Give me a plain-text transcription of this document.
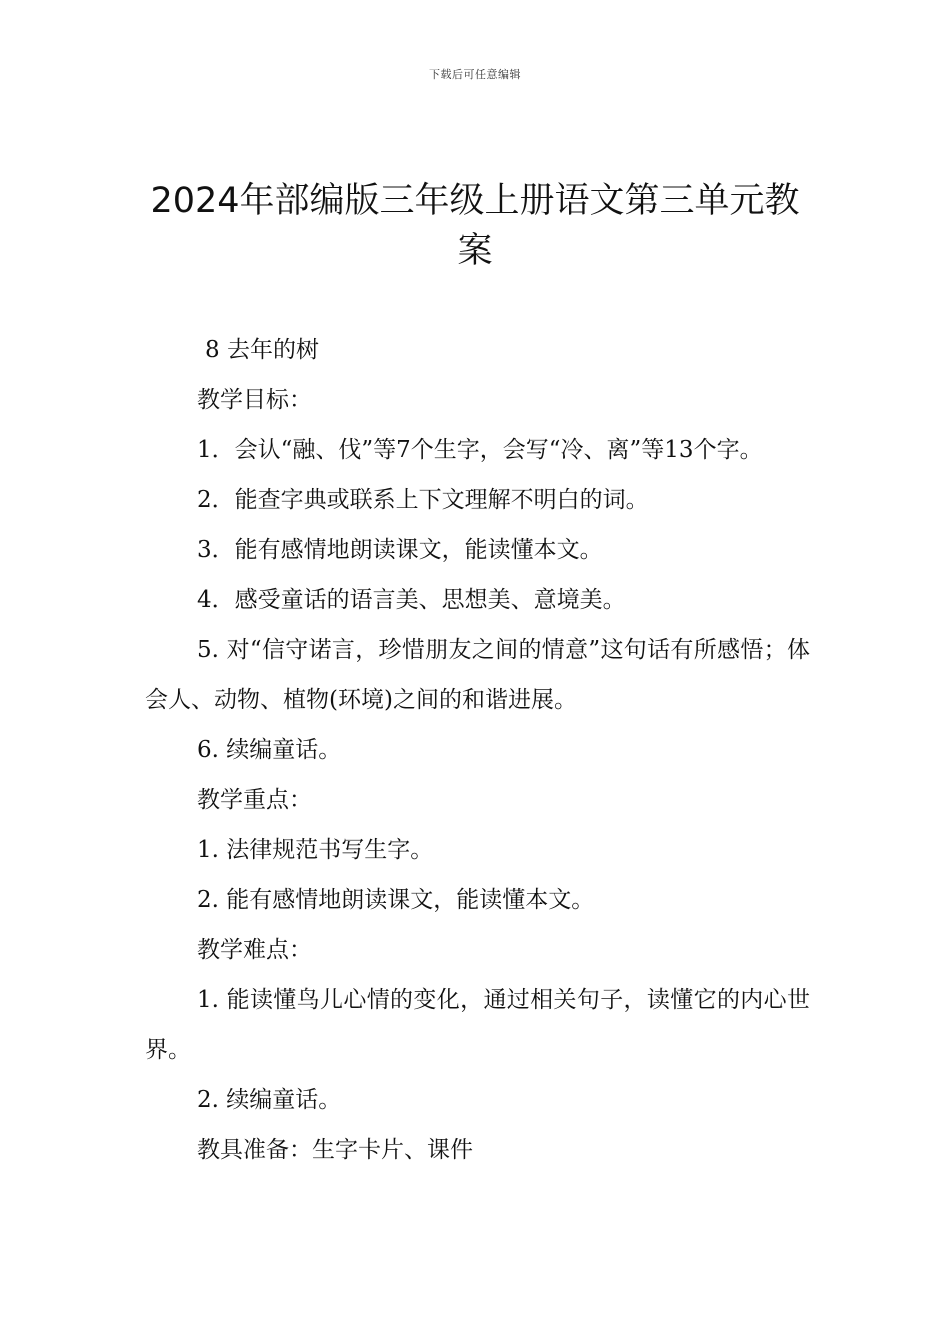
下载后可任意编辑
2024年部编版三年级上册语文第三单元教案

8 去年的树

教学目标：

1．会认“融、伐”等7个生字，会写“冷、离”等13个字。

2．能查字典或联系上下文理解不明白的词。

3．能有感情地朗读课文，能读懂本文。

4．感受童话的语言美、思想美、意境美。

5. 对“信守诺言，珍惜朋友之间的情意”这句话有所感悟；体会人、动物、植物(环境)之间的和谐进展。

6. 续编童话。

教学重点：

1. 法律规范书写生字。

2. 能有感情地朗读课文，能读懂本文。

教学难点：

1. 能读懂鸟儿心情的变化，通过相关句子，读懂它的内心世界。

2. 续编童话。

教具准备：生字卡片、课件
